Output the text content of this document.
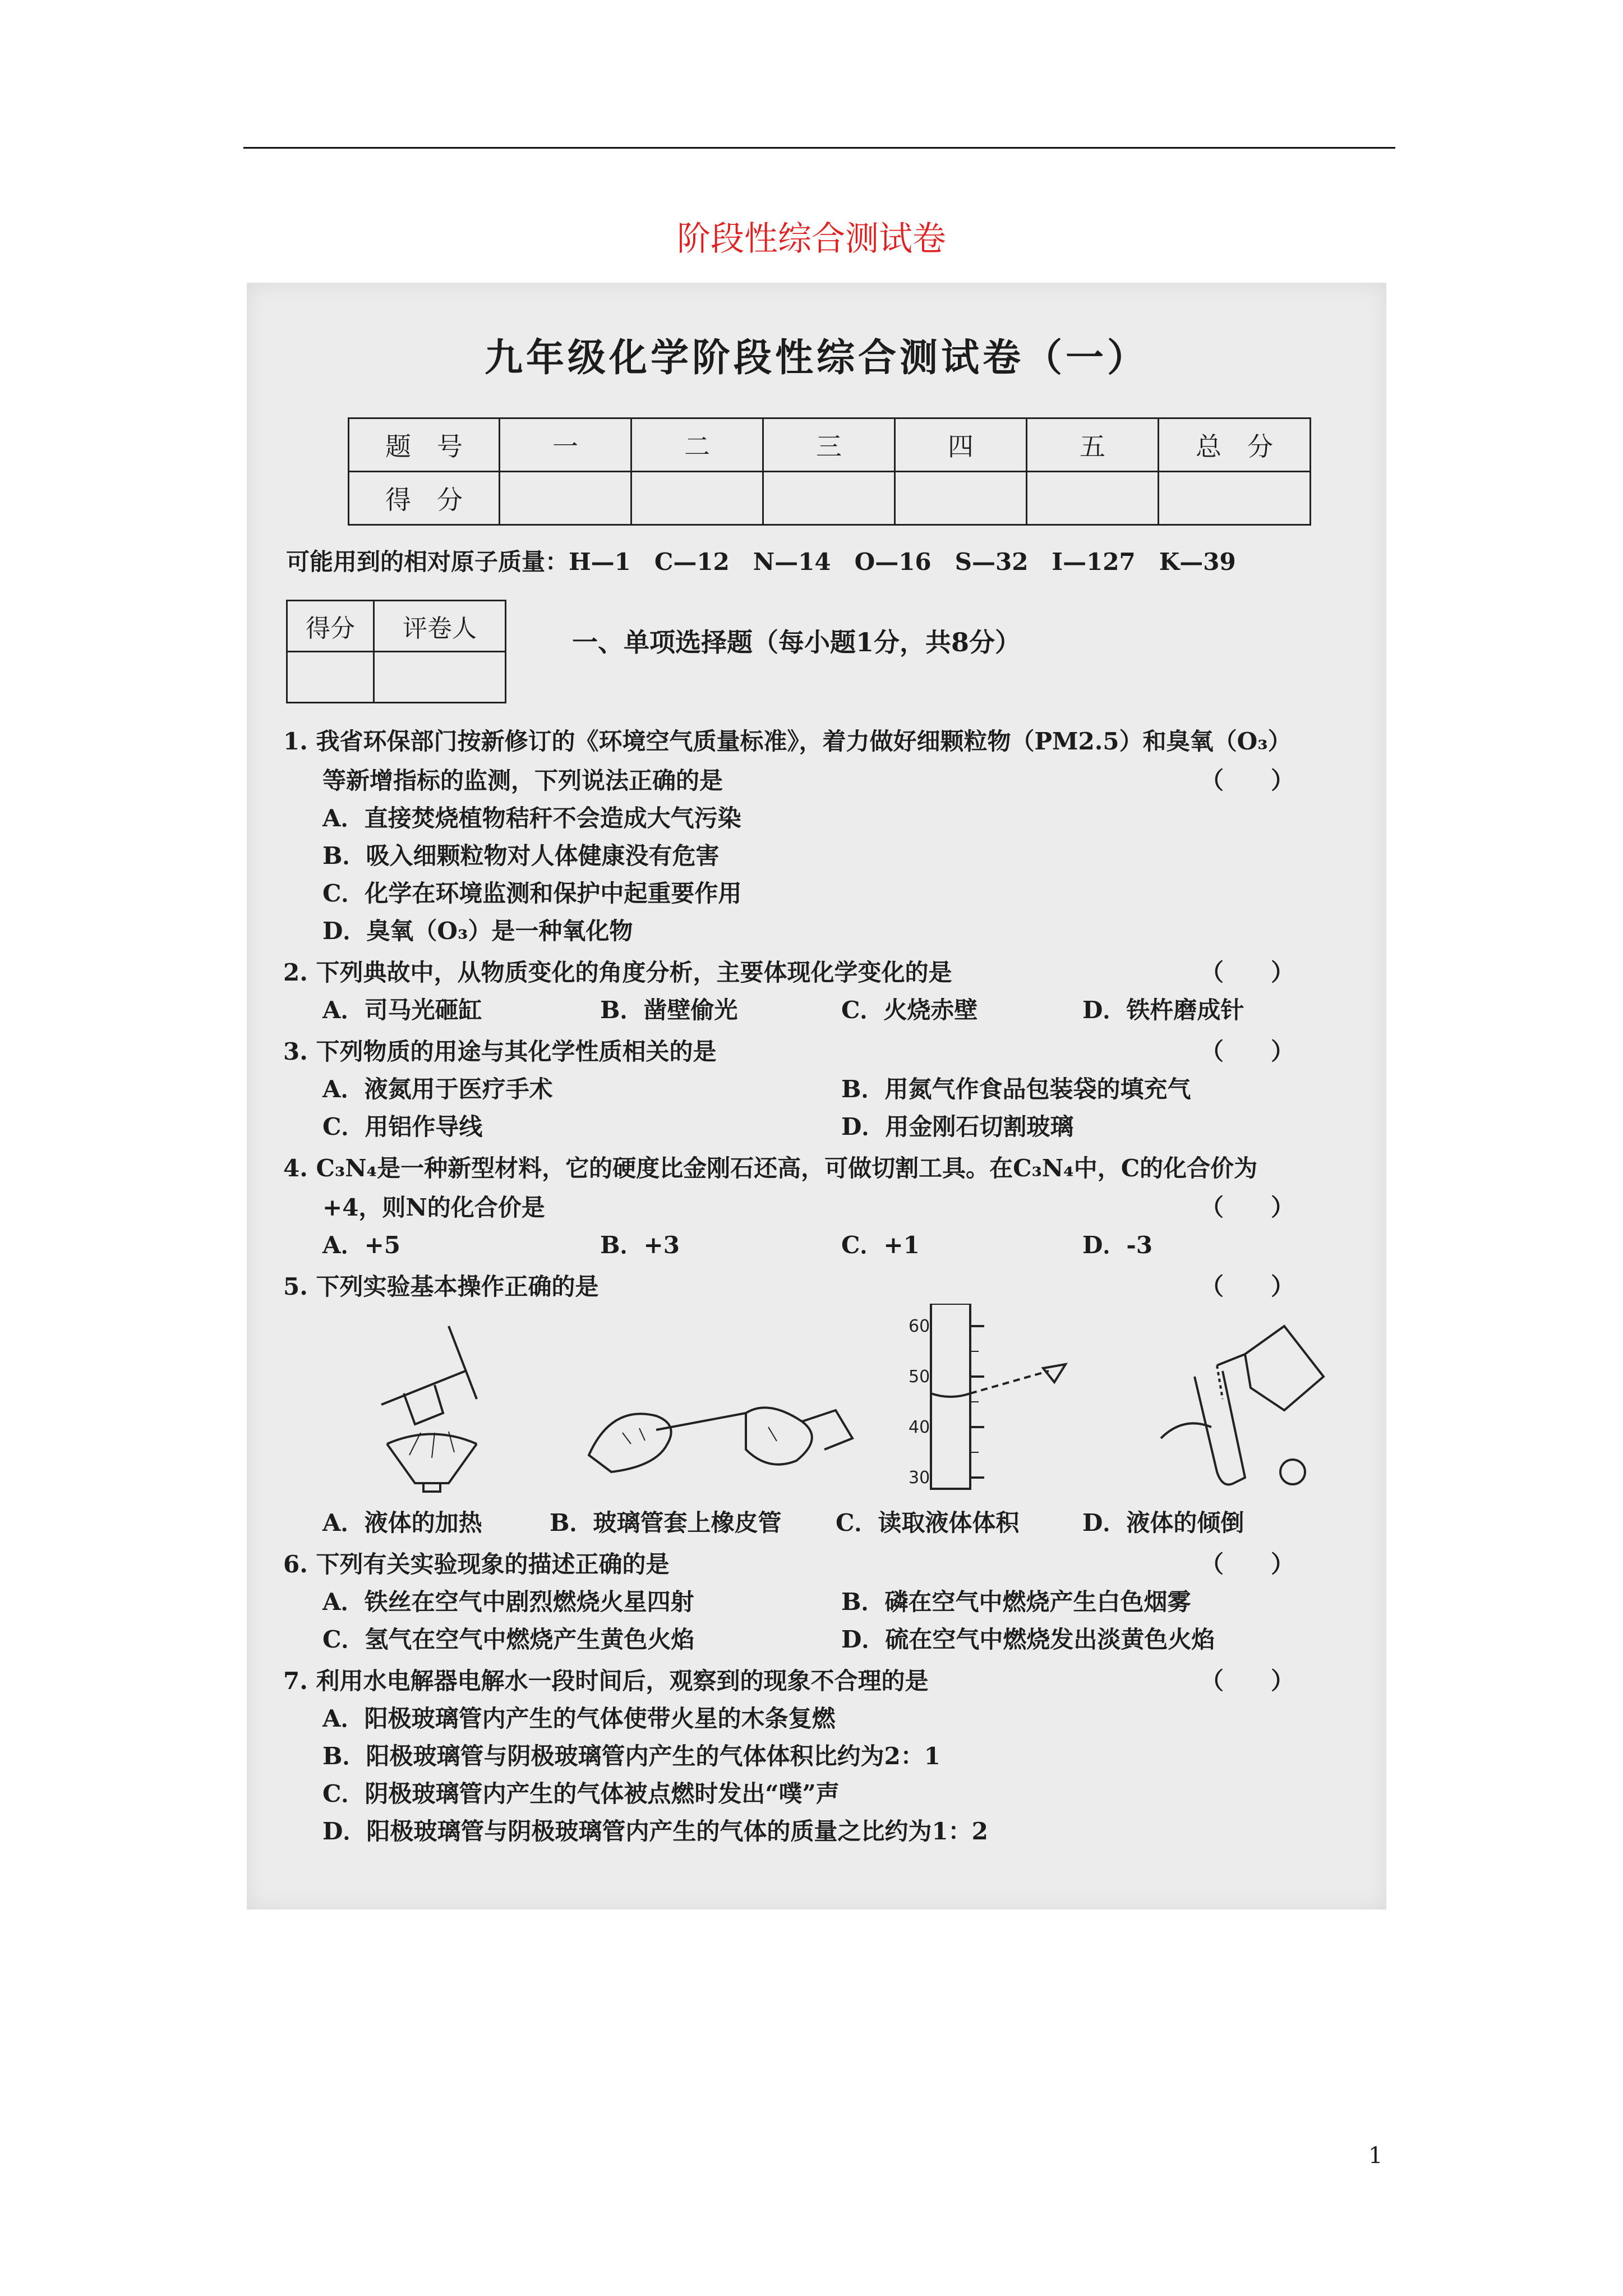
阶段性综合测试卷
九年级化学阶段性综合测试卷（一）
题　号	一	二	三	四	五	总　分
得　分						
可能用到的相对原子质量：H—1　C—12　N—14　O—16　S—32　I—127　K—39
得分	评卷人
		一、单项选择题（每小题1分，共8分）
1. 我省环保部门按新修订的《环境空气质量标准》，着力做好细颗粒物（PM2.5）和臭氧（O₃）
等新增指标的监测，下列说法正确的是	（　　）
A．直接焚烧植物秸秆不会造成大气污染
B．吸入细颗粒物对人体健康没有危害
C．化学在环境监测和保护中起重要作用
D．臭氧（O₃）是一种氧化物
2. 下列典故中，从物质变化的角度分析，主要体现化学变化的是	（　　）
A．司马光砸缸	B．凿壁偷光	C．火烧赤壁	D．铁杵磨成针
3. 下列物质的用途与其化学性质相关的是	（　　）
A．液氮用于医疗手术	B．用氮气作食品包装袋的填充气
C．用铝作导线	D．用金刚石切割玻璃
4. C₃N₄是一种新型材料，它的硬度比金刚石还高，可做切割工具。在C₃N₄中，C的化合价为
+4，则N的化合价是	（　　）
A．+5	B．+3	C．+1	D．-3
5. 下列实验基本操作正确的是	（　　）
60
50
40
30
A．液体的加热	B．玻璃管套上橡皮管 C．读取液体体积	D．液体的倾倒
6. 下列有关实验现象的描述正确的是	（　　）
A．铁丝在空气中剧烈燃烧火星四射	B．磷在空气中燃烧产生白色烟雾
C．氢气在空气中燃烧产生黄色火焰	D．硫在空气中燃烧发出淡黄色火焰
7. 利用水电解器电解水一段时间后，观察到的现象不合理的是	（　　）
A．阳极玻璃管内产生的气体使带火星的木条复燃
B．阳极玻璃管与阴极玻璃管内产生的气体体积比约为2：1
C．阴极玻璃管内产生的气体被点燃时发出“噗”声
D．阳极玻璃管与阴极玻璃管内产生的气体的质量之比约为1：2
1
